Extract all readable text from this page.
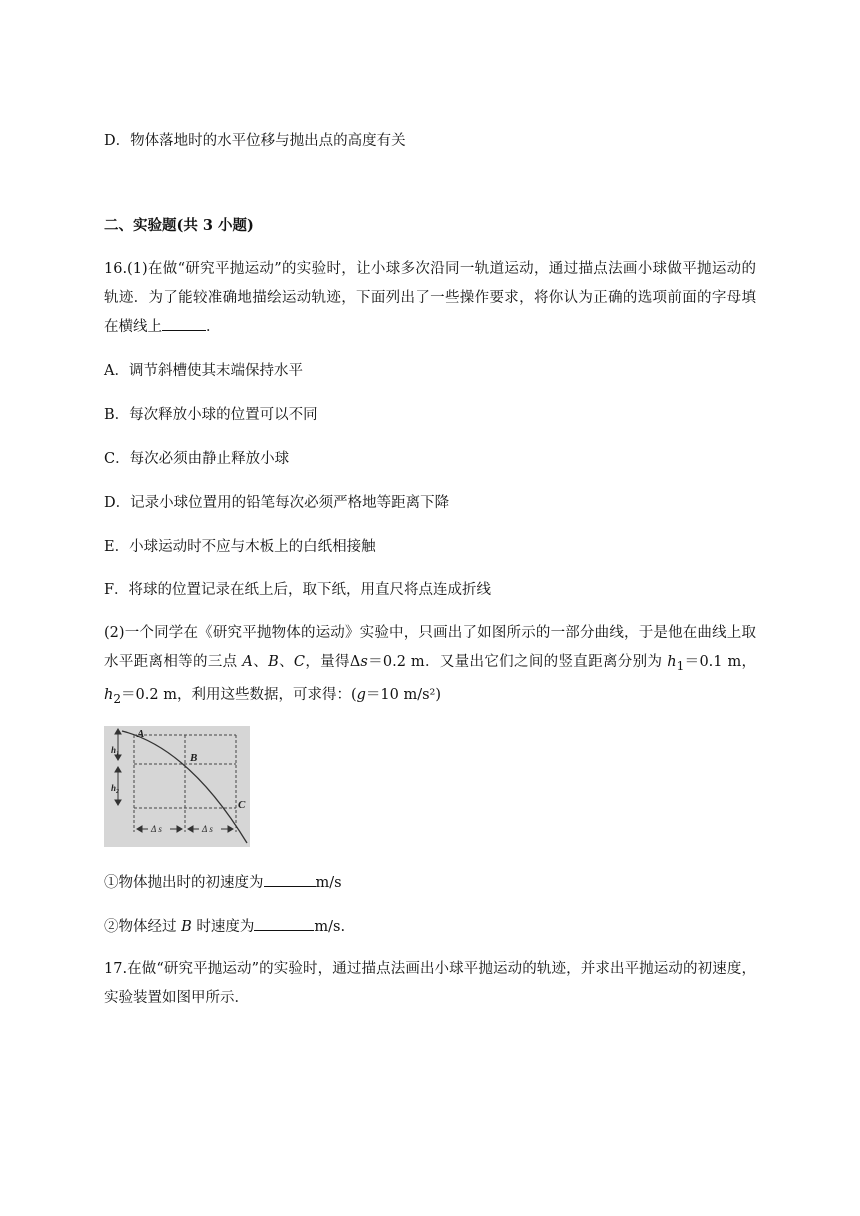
D．物体落地时的水平位移与抛出点的高度有关
二、实验题(共 3 小题)
16.(1)在做“研究平抛运动”的实验时，让小球多次沿同一轨道运动，通过描点法画小球做平抛运动的轨迹．为了能较准确地描绘运动轨迹，下面列出了一些操作要求，将你认为正确的选项前面的字母填在横线上	．
A．调节斜槽使其末端保持水平
B．每次释放小球的位置可以不同
C．每次必须由静止释放小球
D．记录小球位置用的铅笔每次必须严格地等距离下降
E．小球运动时不应与木板上的白纸相接触
F．将球的位置记录在纸上后，取下纸，用直尺将点连成折线
(2)一个同学在《研究平抛物体的运动》实验中，只画出了如图所示的一部分曲线，于是他在曲线上取水平距离相等的三点 A、B、C，量得Δs＝0.2 m．又量出它们之间的竖直距离分别为 $h_1=0.1$ m，$h_2=0.2$ m，利用这些数据，可求得：(g＝10 m/s²)
A
B
C
$h_1$
$h_2$
Δ s	Δ s
①物体抛出时的初速度为	m/s
②物体经过 B 时速度为	m/s.
17.在做“研究平抛运动”的实验时，通过描点法画出小球平抛运动的轨迹，并求出平抛运动的初速度，实验装置如图甲所示．
